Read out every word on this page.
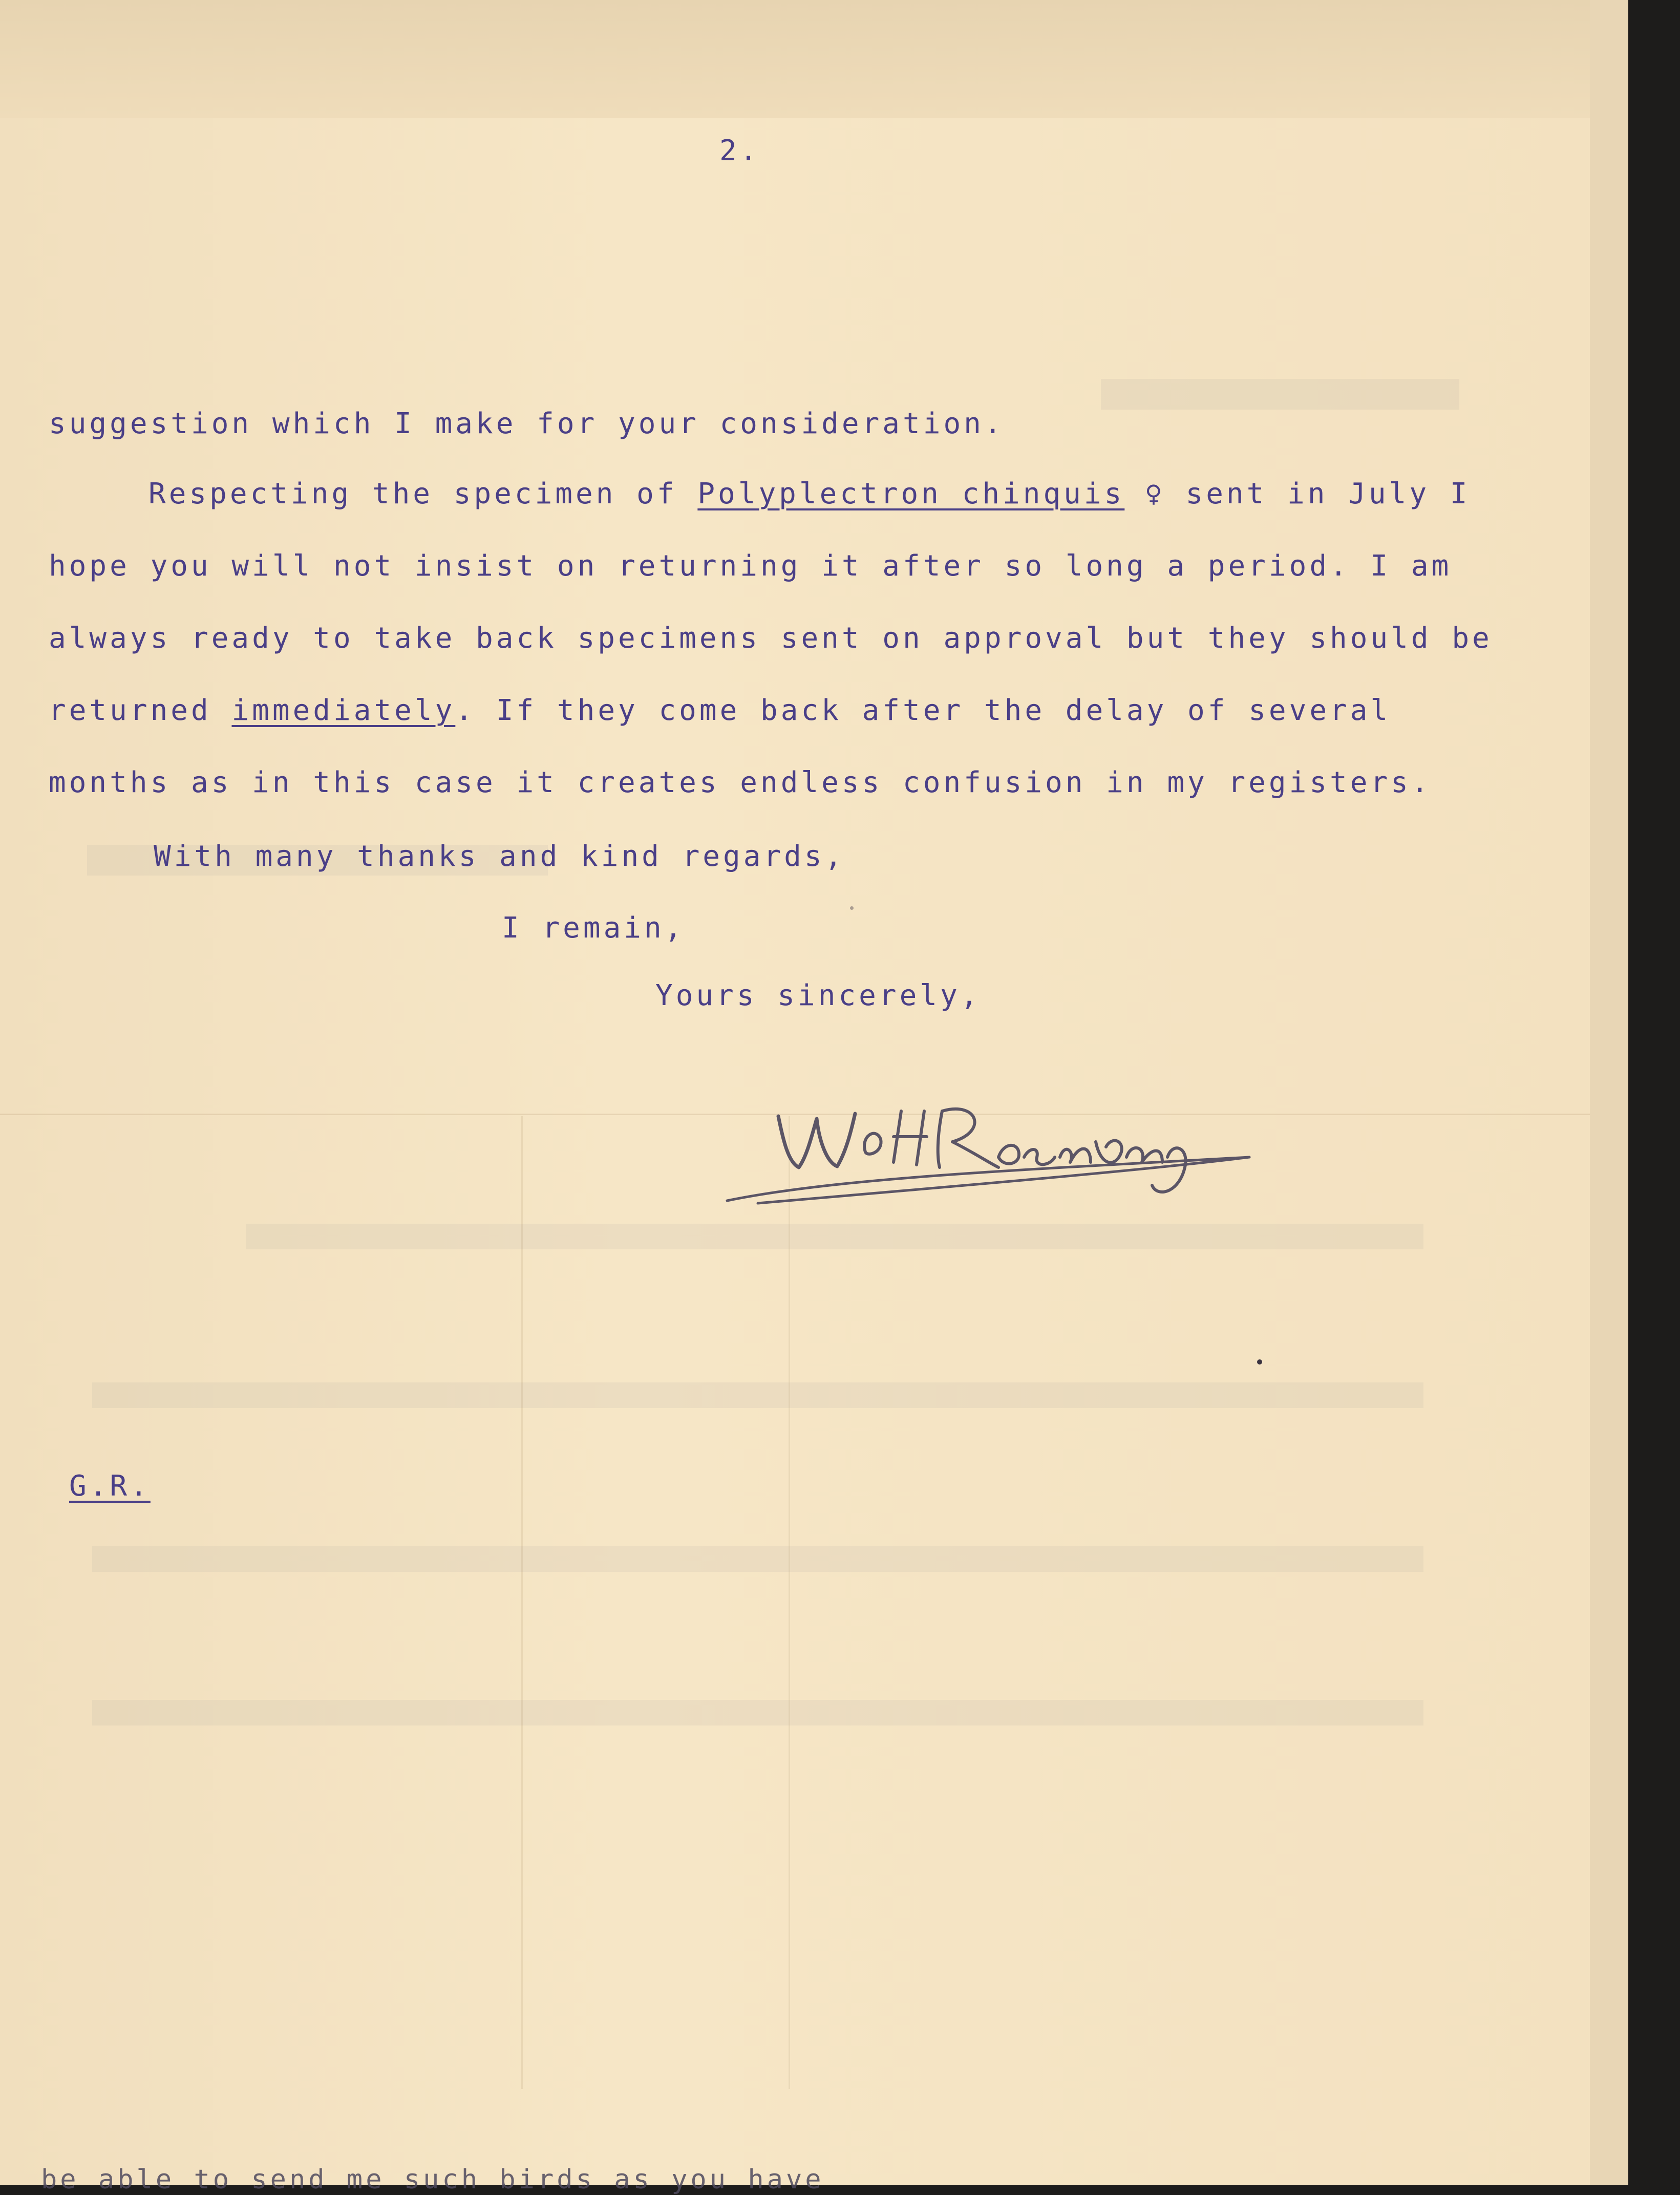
2.

suggestion which I make for your consideration.

Respecting the specimen of Polyplectron chinquis ♀ sent in July I

hope you will not insist on returning it after so long a period. I am

always ready to take back specimens sent on approval but they should be

returned immediately. If they come back after the delay of several

months as in this case it creates endless confusion in my registers.

With many thanks and kind regards,

I remain,

Yours sincerely,

G.R.

be able to send me such birds as you have
